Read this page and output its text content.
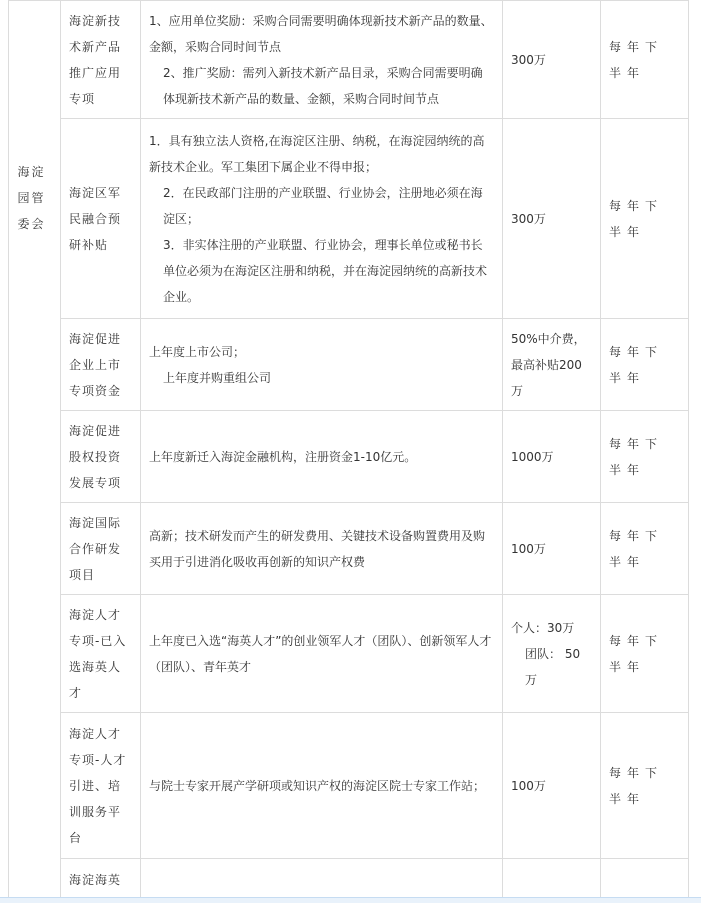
海淀园管委会	海淀新技术新产品推广应用专项	1、应用单位奖励：采购合同需要明确体现新技术新产品的数量、金额，采购合同时间节点
2、推广奖励：需列入新技术新产品目录，采购合同需要明确体现新技术新产品的数量、金额，采购合同时间节点	300万	每年下半年
	海淀区军民融合预研补贴	1．具有独立法人资格,在海淀区注册、纳税，在海淀园纳统的高新技术企业。军工集团下属企业不得申报；
2．在民政部门注册的产业联盟、行业协会，注册地必须在海淀区；
3．非实体注册的产业联盟、行业协会，理事长单位或秘书长单位必须为在海淀区注册和纳税，并在海淀园纳统的高新技术企业。	300万	每年下半年
	海淀促进企业上市专项资金	上年度上市公司；
上年度并购重组公司	50%中介费，最高补贴200万	每年下半年
	海淀促进股权投资发展专项	上年度新迁入海淀金融机构，注册资金1-10亿元。	1000万	每年下半年
	海淀国际合作研发项目	高新；技术研发而产生的研发费用、关键技术设备购置费用及购买用于引进消化吸收再创新的知识产权费	100万	每年下半年
	海淀人才专项-已入选海英人才	上年度已入选“海英人才”的创业领军人才（团队）、创新领军人才（团队）、青年英才	个人：30万
团队： 50万	每年下半年
	海淀人才专项-人才引进、培训服务平台	与院士专家开展产学研项或知识产权的海淀区院士专家工作站；	100万	每年下半年
	海淀海英			
